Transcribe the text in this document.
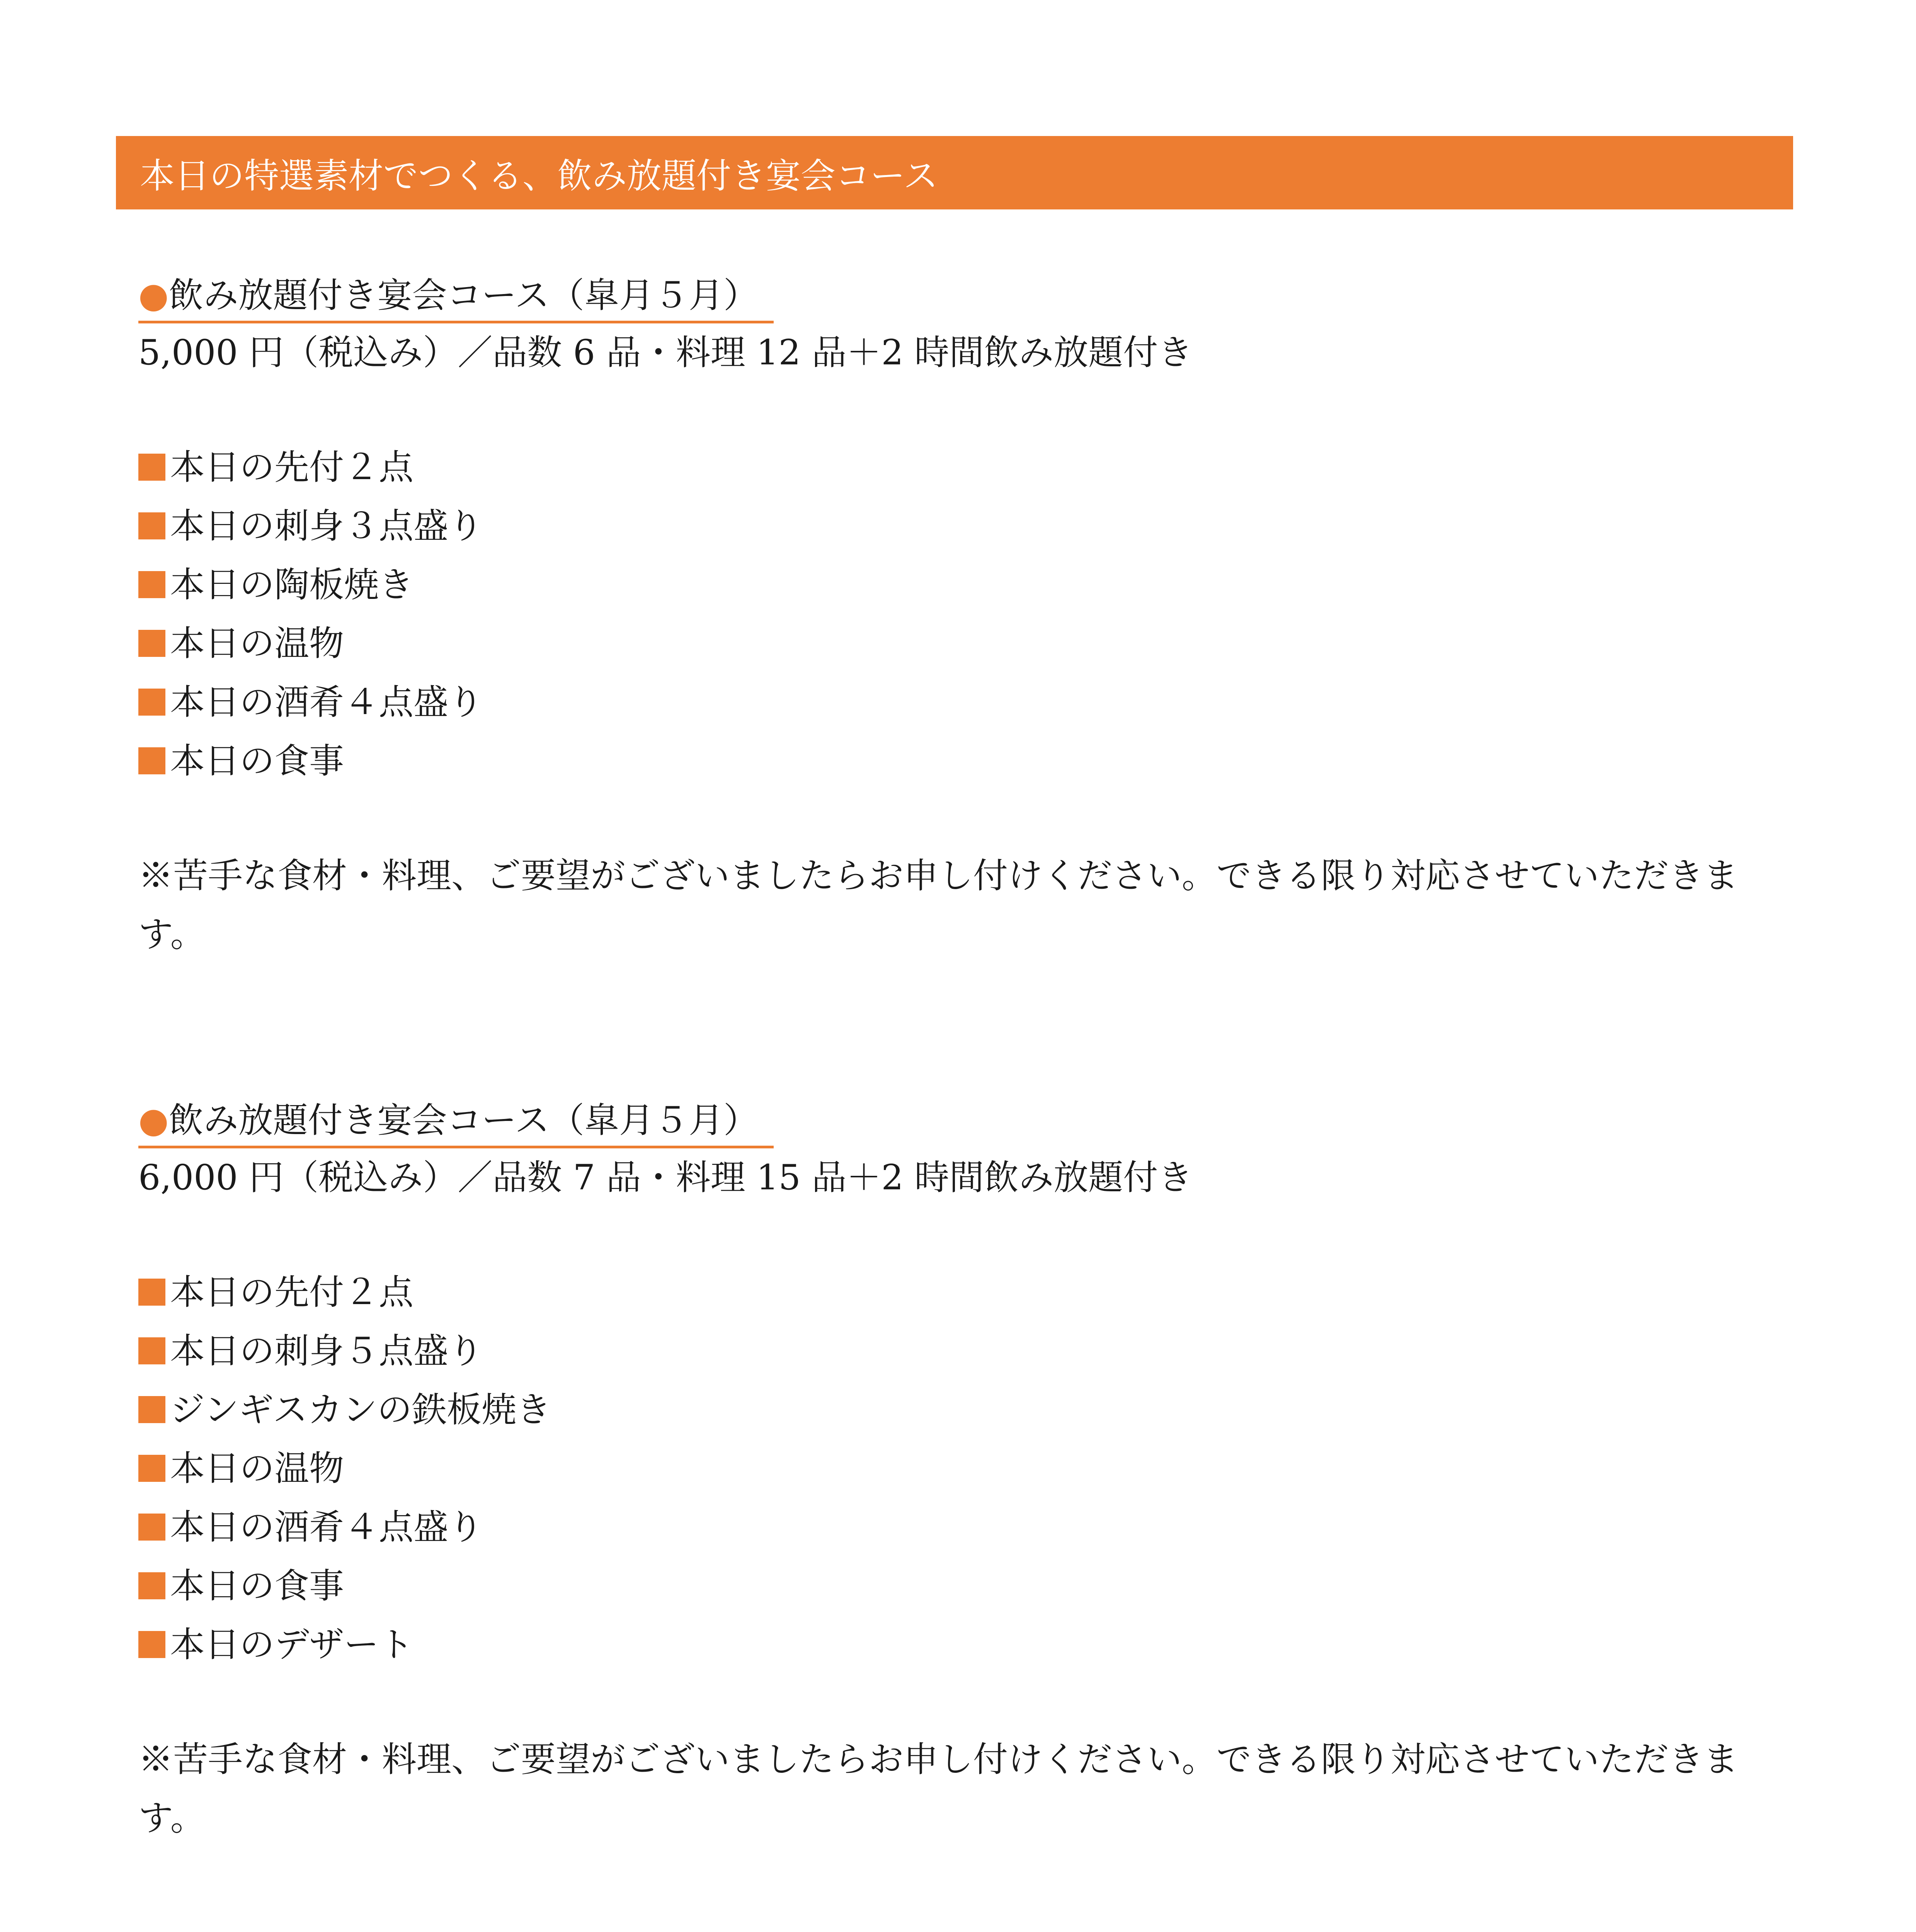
本日の特選素材でつくる、飲み放題付き宴会コース
●飲み放題付き宴会コース（皐月５月）
5,000 円（税込み）／品数 6 品・料理 12 品＋2 時間飲み放題付き
本日の先付２点
本日の刺身３点盛り
本日の陶板焼き
本日の温物
本日の酒肴４点盛り
本日の食事
※苦手な食材・料理、ご要望がございましたらお申し付けください。できる限り対応させていただきます。
●飲み放題付き宴会コース（皐月５月）
6,000 円（税込み）／品数 7 品・料理 15 品＋2 時間飲み放題付き
本日の先付２点
本日の刺身５点盛り
ジンギスカンの鉄板焼き
本日の温物
本日の酒肴４点盛り
本日の食事
本日のデザート
※苦手な食材・料理、ご要望がございましたらお申し付けください。できる限り対応させていただきます。
